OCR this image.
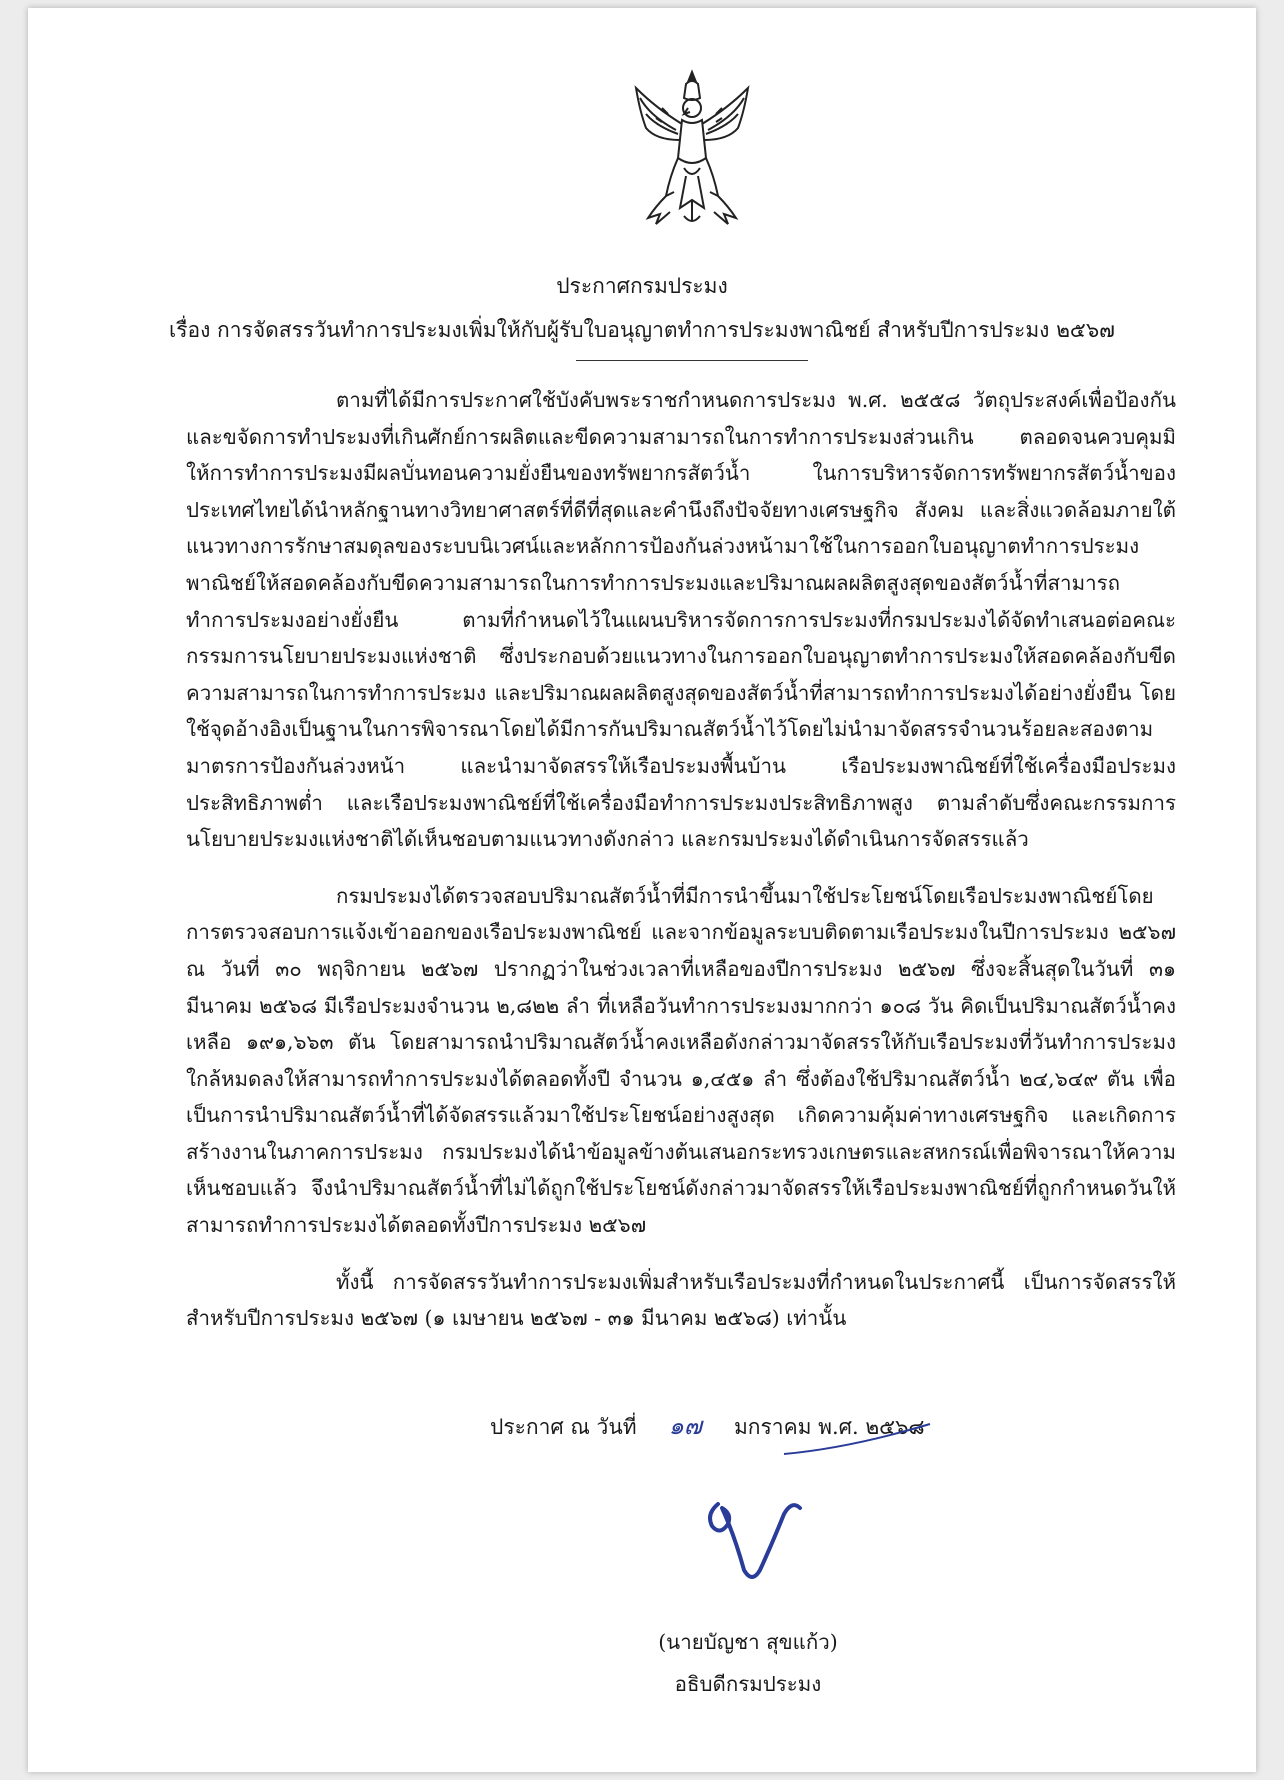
ประกาศกรมประมง
เรื่อง การจัดสรรวันทำการประมงเพิ่มให้กับผู้รับใบอนุญาตทำการประมงพาณิชย์ สำหรับปีการประมง ๒๕๖๗

ตามที่ได้มีการประกาศใช้บังคับพระราชกำหนดการประมง พ.ศ. ๒๕๕๘ วัตถุประสงค์เพื่อป้องกันและขจัดการทำประมงที่เกินศักย์การผลิตและขีดความสามารถในการทำการประมงส่วนเกิน ตลอดจนควบคุมมิให้การทำการประมงมีผลบั่นทอนความยั่งยืนของทรัพยากรสัตว์น้ำ ในการบริหารจัดการทรัพยากรสัตว์น้ำของประเทศไทยได้นำหลักฐานทางวิทยาศาสตร์ที่ดีที่สุดและคำนึงถึงปัจจัยทางเศรษฐกิจ สังคม และสิ่งแวดล้อมภายใต้แนวทางการรักษาสมดุลของระบบนิเวศน์และหลักการป้องกันล่วงหน้ามาใช้ในการออกใบอนุญาตทำการประมงพาณิชย์ให้สอดคล้องกับขีดความสามารถในการทำการประมงและปริมาณผลผลิตสูงสุดของสัตว์น้ำที่สามารถทำการประมงอย่างยั่งยืน ตามที่กำหนดไว้ในแผนบริหารจัดการการประมงที่กรมประมงได้จัดทำเสนอต่อคณะกรรมการนโยบายประมงแห่งชาติ ซึ่งประกอบด้วยแนวทางในการออกใบอนุญาตทำการประมงให้สอดคล้องกับขีดความสามารถในการทำการประมง และปริมาณผลผลิตสูงสุดของสัตว์น้ำที่สามารถทำการประมงได้อย่างยั่งยืน โดยใช้จุดอ้างอิงเป็นฐานในการพิจารณาโดยได้มีการกันปริมาณสัตว์น้ำไว้โดยไม่นำมาจัดสรรจำนวนร้อยละสองตามมาตรการป้องกันล่วงหน้า และนำมาจัดสรรให้เรือประมงพื้นบ้าน เรือประมงพาณิชย์ที่ใช้เครื่องมือประมงประสิทธิภาพต่ำ และเรือประมงพาณิชย์ที่ใช้เครื่องมือทำการประมงประสิทธิภาพสูง ตามลำดับซึ่งคณะกรรมการนโยบายประมงแห่งชาติได้เห็นชอบตามแนวทางดังกล่าว และกรมประมงได้ดำเนินการจัดสรรแล้ว

กรมประมงได้ตรวจสอบปริมาณสัตว์น้ำที่มีการนำขึ้นมาใช้ประโยชน์โดยเรือประมงพาณิชย์โดยการตรวจสอบการแจ้งเข้าออกของเรือประมงพาณิชย์ และจากข้อมูลระบบติดตามเรือประมงในปีการประมง ๒๕๖๗ ณ วันที่ ๓๐ พฤจิกายน ๒๕๖๗ ปรากฏว่าในช่วงเวลาที่เหลือของปีการประมง ๒๕๖๗ ซึ่งจะสิ้นสุดในวันที่ ๓๑ มีนาคม ๒๕๖๘ มีเรือประมงจำนวน ๒,๘๒๒ ลำ ที่เหลือวันทำการประมงมากกว่า ๑๐๘ วัน คิดเป็นปริมาณสัตว์น้ำคงเหลือ ๑๙๑,๖๖๓ ตัน โดยสามารถนำปริมาณสัตว์น้ำคงเหลือดังกล่าวมาจัดสรรให้กับเรือประมงที่วันทำการประมงใกล้หมดลงให้สามารถทำการประมงได้ตลอดทั้งปี จำนวน ๑,๔๕๑ ลำ ซึ่งต้องใช้ปริมาณสัตว์น้ำ ๒๔,๖๔๙ ตัน เพื่อเป็นการนำปริมาณสัตว์น้ำที่ได้จัดสรรแล้วมาใช้ประโยชน์อย่างสูงสุด เกิดความคุ้มค่าทางเศรษฐกิจ และเกิดการสร้างงานในภาคการประมง กรมประมงได้นำข้อมูลข้างต้นเสนอกระทรวงเกษตรและสหกรณ์เพื่อพิจารณาให้ความเห็นชอบแล้ว จึงนำปริมาณสัตว์น้ำที่ไม่ได้ถูกใช้ประโยชน์ดังกล่าวมาจัดสรรให้เรือประมงพาณิชย์ที่ถูกกำหนดวันให้สามารถทำการประมงได้ตลอดทั้งปีการประมง ๒๕๖๗

ทั้งนี้ การจัดสรรวันทำการประมงเพิ่มสำหรับเรือประมงที่กำหนดในประกาศนี้ เป็นการจัดสรรให้สำหรับปีการประมง ๒๕๖๗ (๑ เมษายน ๒๕๖๗ - ๓๑ มีนาคม ๒๕๖๘) เท่านั้น

ประกาศ ณ วันที่ ๑๗ มกราคม พ.ศ. ๒๕๖๘
(นายบัญชา สุขแก้ว)
อธิบดีกรมประมง
